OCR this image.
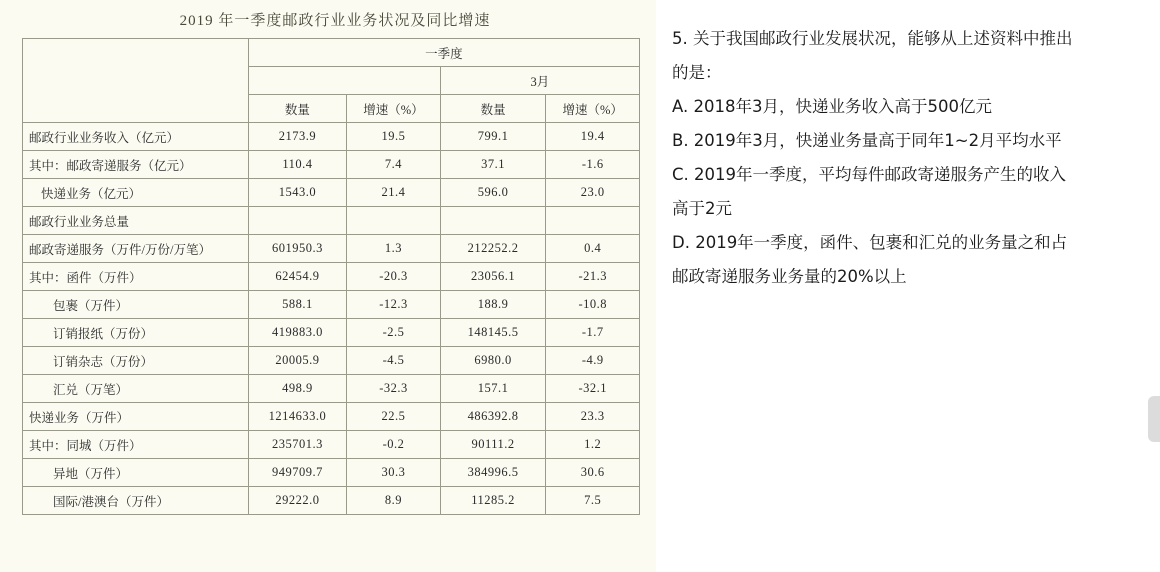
2019 年一季度邮政行业业务状况及同比增速
	一季度			
			3月	
	数量	增速（%）	数量	增速（%）
邮政行业业务收入（亿元）	2173.9	19.5	799.1	19.4
其中：邮政寄递服务（亿元）	110.4	7.4	37.1	-1.6
快递业务（亿元）	1543.0	21.4	596.0	23.0
邮政行业业务总量				
邮政寄递服务（万件/万份/万笔）	601950.3	1.3	212252.2	0.4
其中：函件（万件）	62454.9	-20.3	23056.1	-21.3
包裹（万件）	588.1	-12.3	188.9	-10.8
订销报纸（万份）	419883.0	-2.5	148145.5	-1.7
订销杂志（万份）	20005.9	-4.5	6980.0	-4.9
汇兑（万笔）	498.9	-32.3	157.1	-32.1
快递业务（万件）	1214633.0	22.5	486392.8	23.3
其中：同城（万件）	235701.3	-0.2	90111.2	1.2
异地（万件）	949709.7	30.3	384996.5	30.6
国际/港澳台（万件）	29222.0	8.9	11285.2	7.5
5. 关于我国邮政行业发展状况，能够从上述资料中推出
的是：
A. 2018年3月，快递业务收入高于500亿元
B. 2019年3月，快递业务量高于同年1~2月平均水平
C. 2019年一季度，平均每件邮政寄递服务产生的收入
高于2元
D. 2019年一季度，函件、包裹和汇兑的业务量之和占
邮政寄递服务业务量的20%以上
